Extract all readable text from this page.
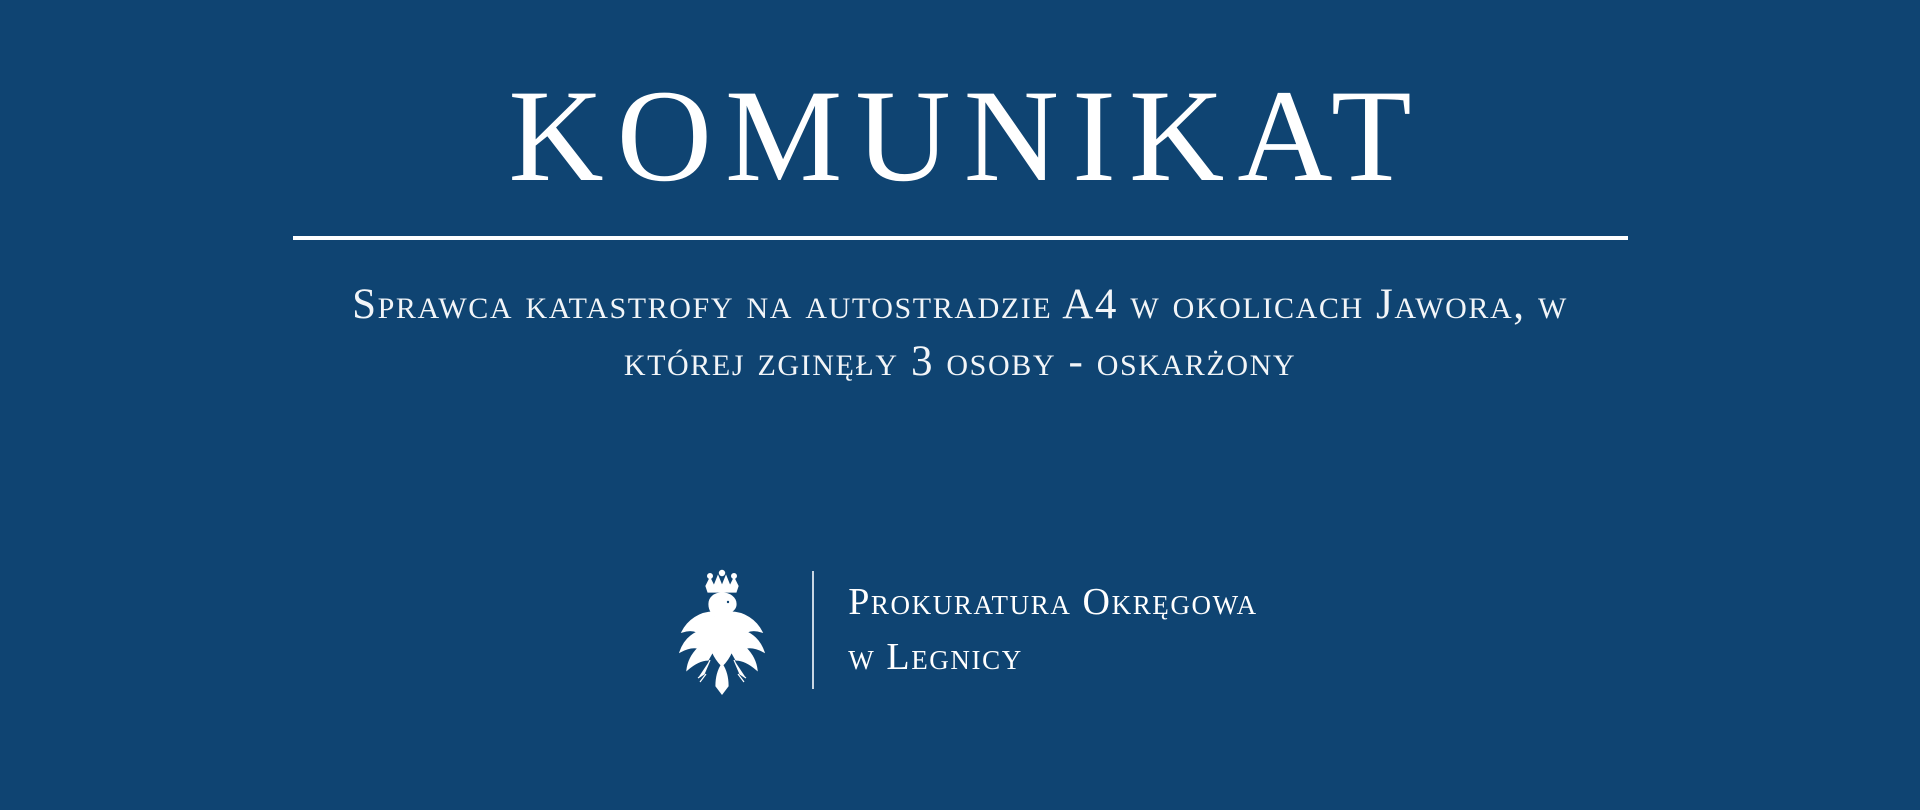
KOMUNIKAT
Sprawca katastrofy na autostradzie A4 w okolicach Jawora, w której zginęły 3 osoby - oskarżony
Prokuratura Okręgowa
w Legnicy
